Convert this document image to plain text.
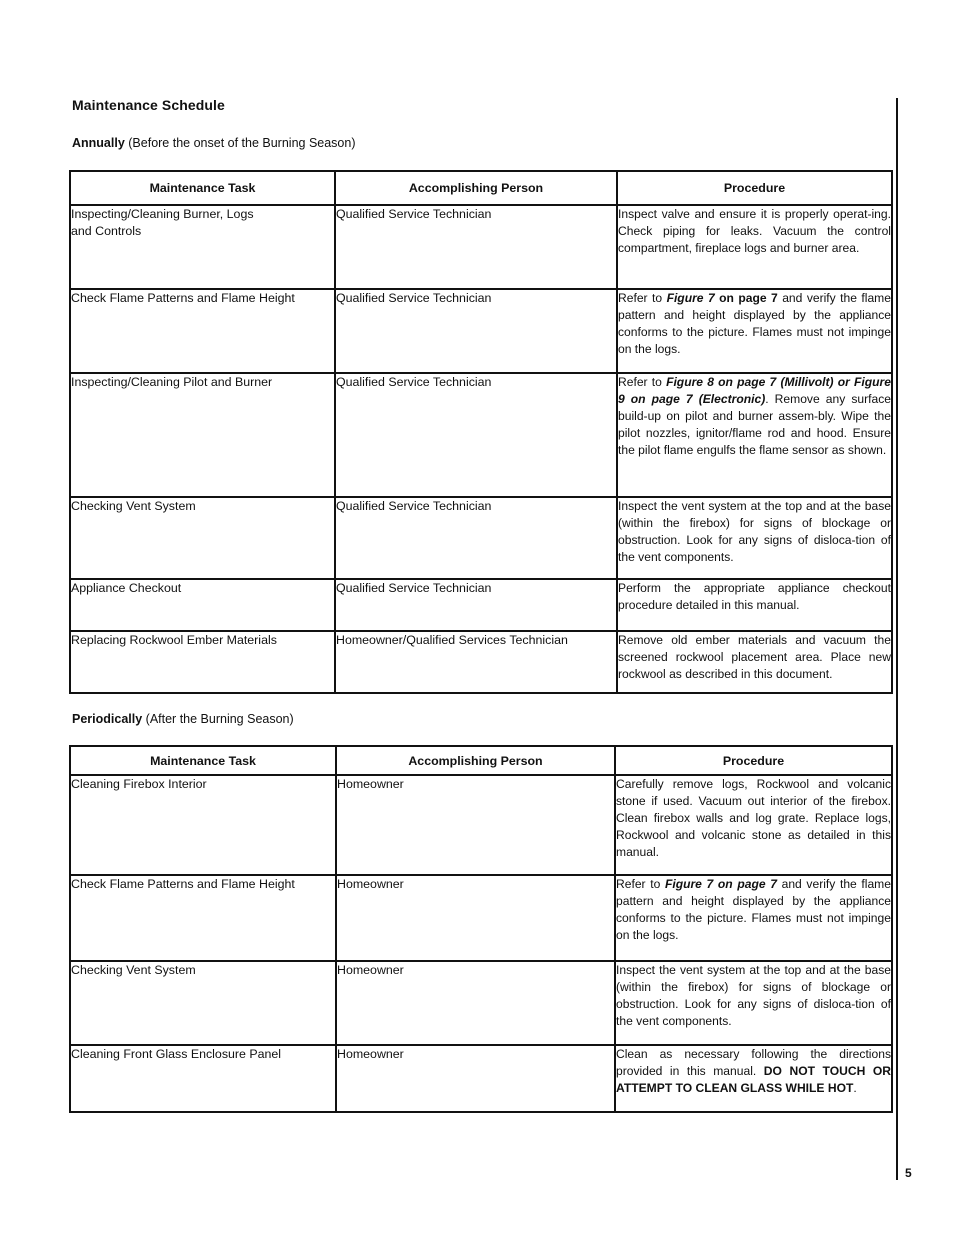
Maintenance Schedule
Annually (Before the onset of the Burning Season)
Maintenance Task	Accomplishing Person	Procedure
Inspecting/Cleaning Burner, Logs
and Controls	Qualified Service Technician	Inspect valve and ensure it is properly operat-ing. Check piping for leaks. Vacuum the control compartment, fireplace logs and burner area.
Check Flame Patterns and Flame Height	Qualified Service Technician	Refer to Figure 7 on page 7 and verify the flame pattern and height displayed by the appliance conforms to the picture. Flames must not impinge on the logs.
Inspecting/Cleaning Pilot and Burner	Qualified Service Technician	Refer to Figure 8 on page 7 (Millivolt) or Figure 9 on page 7 (Electronic). Remove any surface build-up on pilot and burner assem-bly. Wipe the pilot nozzles, ignitor/flame rod and hood. Ensure the pilot flame engulfs the flame sensor as shown.
Checking Vent System	Qualified Service Technician	Inspect the vent system at the top and at the base (within the firebox) for signs of blockage or obstruction. Look for any signs of disloca-tion of the vent components.
Appliance Checkout	Qualified Service Technician	Perform the appropriate appliance checkout procedure detailed in this manual.
Replacing Rockwool Ember Materials	Homeowner/Qualified Services Technician	Remove old ember materials and vacuum the screened rockwool placement area. Place new rockwool as described in this document.
Periodically (After the Burning Season)
Maintenance Task	Accomplishing Person	Procedure
Cleaning Firebox Interior	Homeowner	Carefully remove logs, Rockwool and volcanic stone if used. Vacuum out interior of the firebox. Clean firebox walls and log grate. Replace logs, Rockwool and volcanic stone as detailed in this manual.
Check Flame Patterns and Flame Height	Homeowner	Refer to Figure 7 on page 7 and verify the flame pattern and height displayed by the appliance conforms to the picture. Flames must not impinge on the logs.
Checking Vent System	Homeowner	Inspect the vent system at the top and at the base (within the firebox) for signs of blockage or obstruction. Look for any signs of disloca-tion of the vent components.
Cleaning Front Glass Enclosure Panel	Homeowner	Clean as necessary following the directions provided in this manual. DO NOT TOUCH OR ATTEMPT TO CLEAN GLASS WHILE HOT.
5
